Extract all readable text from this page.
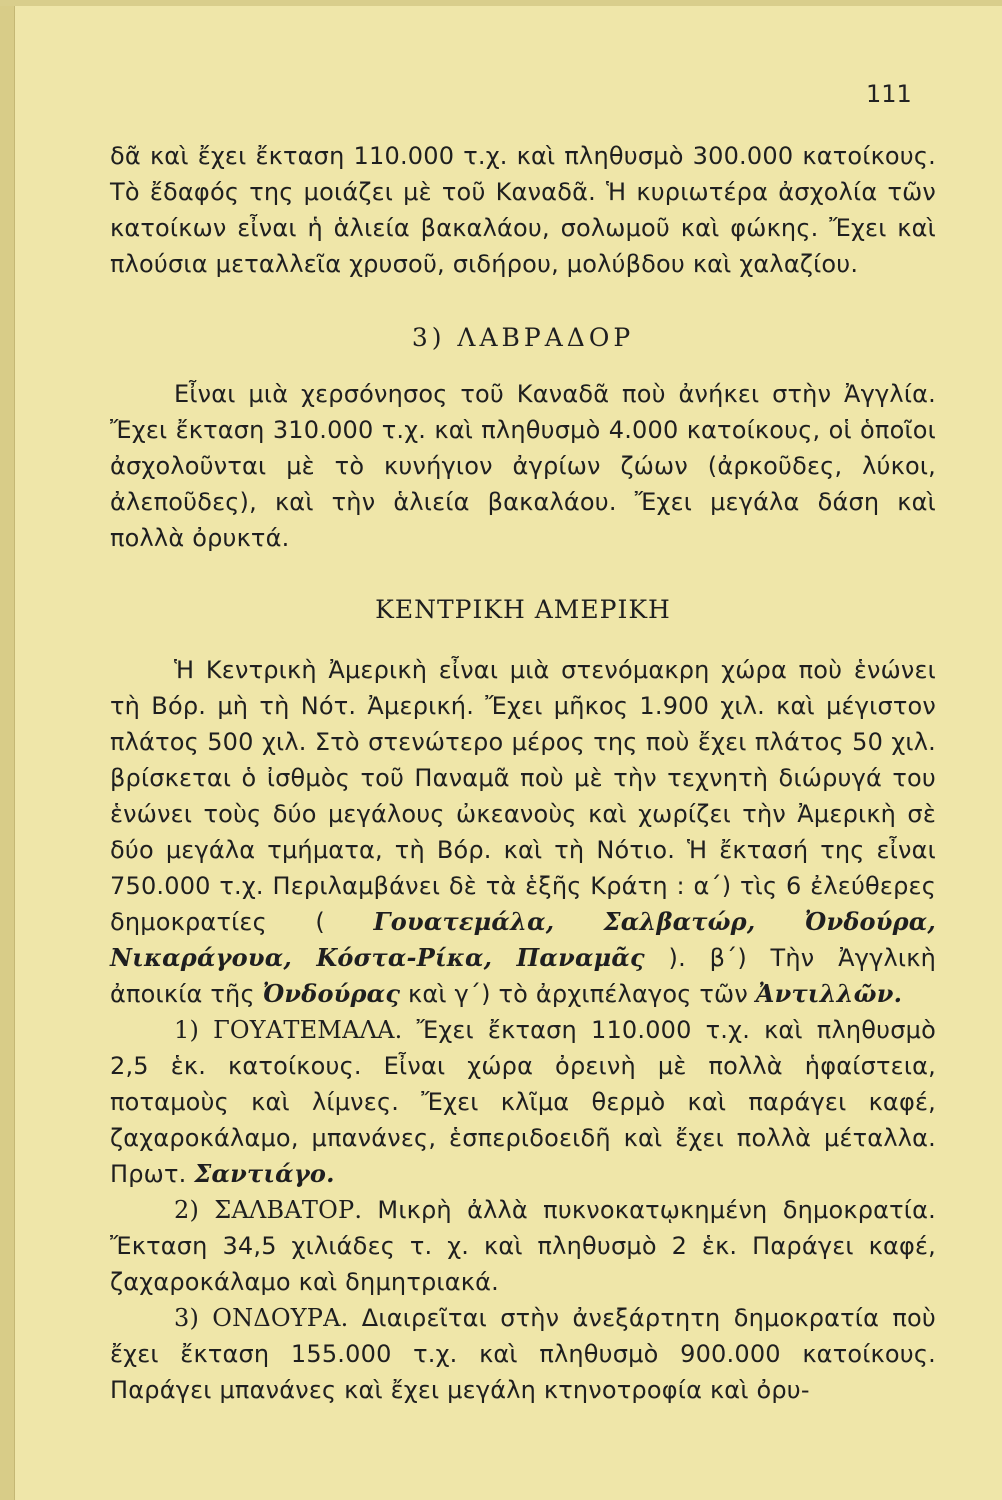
111

δᾶ καὶ ἔχει ἔκταση 110.000 τ.χ. καὶ πληθυσμὸ 300.000 κατοίκους. Τὸ ἔδαφός της μοιάζει μὲ τοῦ Καναδᾶ. Ἡ κυριωτέρα ἀσχολία τῶν κατοίκων εἶναι ἡ ἁλιεία βακαλάου, σολωμοῦ καὶ φώκης. Ἔχει καὶ πλούσια μεταλλεῖα χρυσοῦ, σιδήρου, μολύβδου καὶ χαλαζίου.

3) ΛΑΒΡΑΔΟΡ

Εἶναι μιὰ χερσόνησος τοῦ Καναδᾶ ποὺ ἀνήκει στὴν Ἀγγλία. Ἔχει ἔκταση 310.000 τ.χ. καὶ πληθυσμὸ 4.000 κατοίκους, οἱ ὁποῖοι ἀσχολοῦνται μὲ τὸ κυνήγιον ἀγρίων ζώων (ἀρκοῦδες, λύκοι, ἀλεποῦδες), καὶ τὴν ἁλιεία βακαλάου. Ἔχει μεγάλα δάση καὶ πολλὰ ὀρυκτά.

ΚΕΝΤΡΙΚΗ ΑΜΕΡΙΚΗ

Ἡ Κεντρικὴ Ἀμερικὴ εἶναι μιὰ στενόμακρη χώρα ποὺ ἑνώνει τὴ Βόρ. μὴ τὴ Νότ. Ἀμερική. Ἔχει μῆκος 1.900 χιλ. καὶ μέγιστον πλάτος 500 χιλ. Στὸ στενώτερο μέρος της ποὺ ἔχει πλάτος 50 χιλ. βρίσκεται ὁ ἰσθμὸς τοῦ Παναμᾶ ποὺ μὲ τὴν τεχνητὴ διώρυγά του ἑνώνει τοὺς δύο μεγάλους ὠκεανοὺς καὶ χωρίζει τὴν Ἀμερικὴ σὲ δύο μεγάλα τμήματα, τὴ Βόρ. καὶ τὴ Νότιο. Ἡ ἔκτασή της εἶναι 750.000 τ.χ. Περιλαμβάνει δὲ τὰ ἑξῆς Κράτη : α΄) τὶς 6 ἐλεύθερες δημοκρατίες ( Γουατεμάλα, Σαλβατώρ, Ὀνδούρα, Νικαράγουα, Κόστα-Ρίκα, Παναμᾶς ). β΄) Τὴν Ἀγγλικὴ ἀποικία τῆς Ὀνδούρας καὶ γ΄) τὸ ἀρχιπέλαγος τῶν Ἀντιλλῶν.

1) ΓΟΥΑΤΕΜΑΛΑ. Ἔχει ἔκταση 110.000 τ.χ. καὶ πληθυσμὸ 2,5 ἑκ. κατοίκους. Εἶναι χώρα ὀρεινὴ μὲ πολλὰ ἡφαίστεια, ποταμοὺς καὶ λίμνες. Ἔχει κλῖμα θερμὸ καὶ παράγει καφέ, ζαχαροκάλαμο, μπανάνες, ἑσπεριδοειδῆ καὶ ἔχει πολλὰ μέταλλα. Πρωτ. Σαντιάγο.

2) ΣΑΛΒΑΤΟΡ. Μικρὴ ἀλλὰ πυκνοκατῳκημένη δημοκρατία. Ἔκταση 34,5 χιλιάδες τ. χ. καὶ πληθυσμὸ 2 ἑκ. Παράγει καφέ, ζαχαροκάλαμο καὶ δημητριακά.

3) ΟΝΔΟΥΡΑ. Διαιρεῖται στὴν ἀνεξάρτητη δημοκρατία ποὺ ἔχει ἔκταση 155.000 τ.χ. καὶ πληθυσμὸ 900.000 κατοίκους. Παράγει μπανάνες καὶ ἔχει μεγάλη κτηνοτροφία καὶ ὀρυ-
